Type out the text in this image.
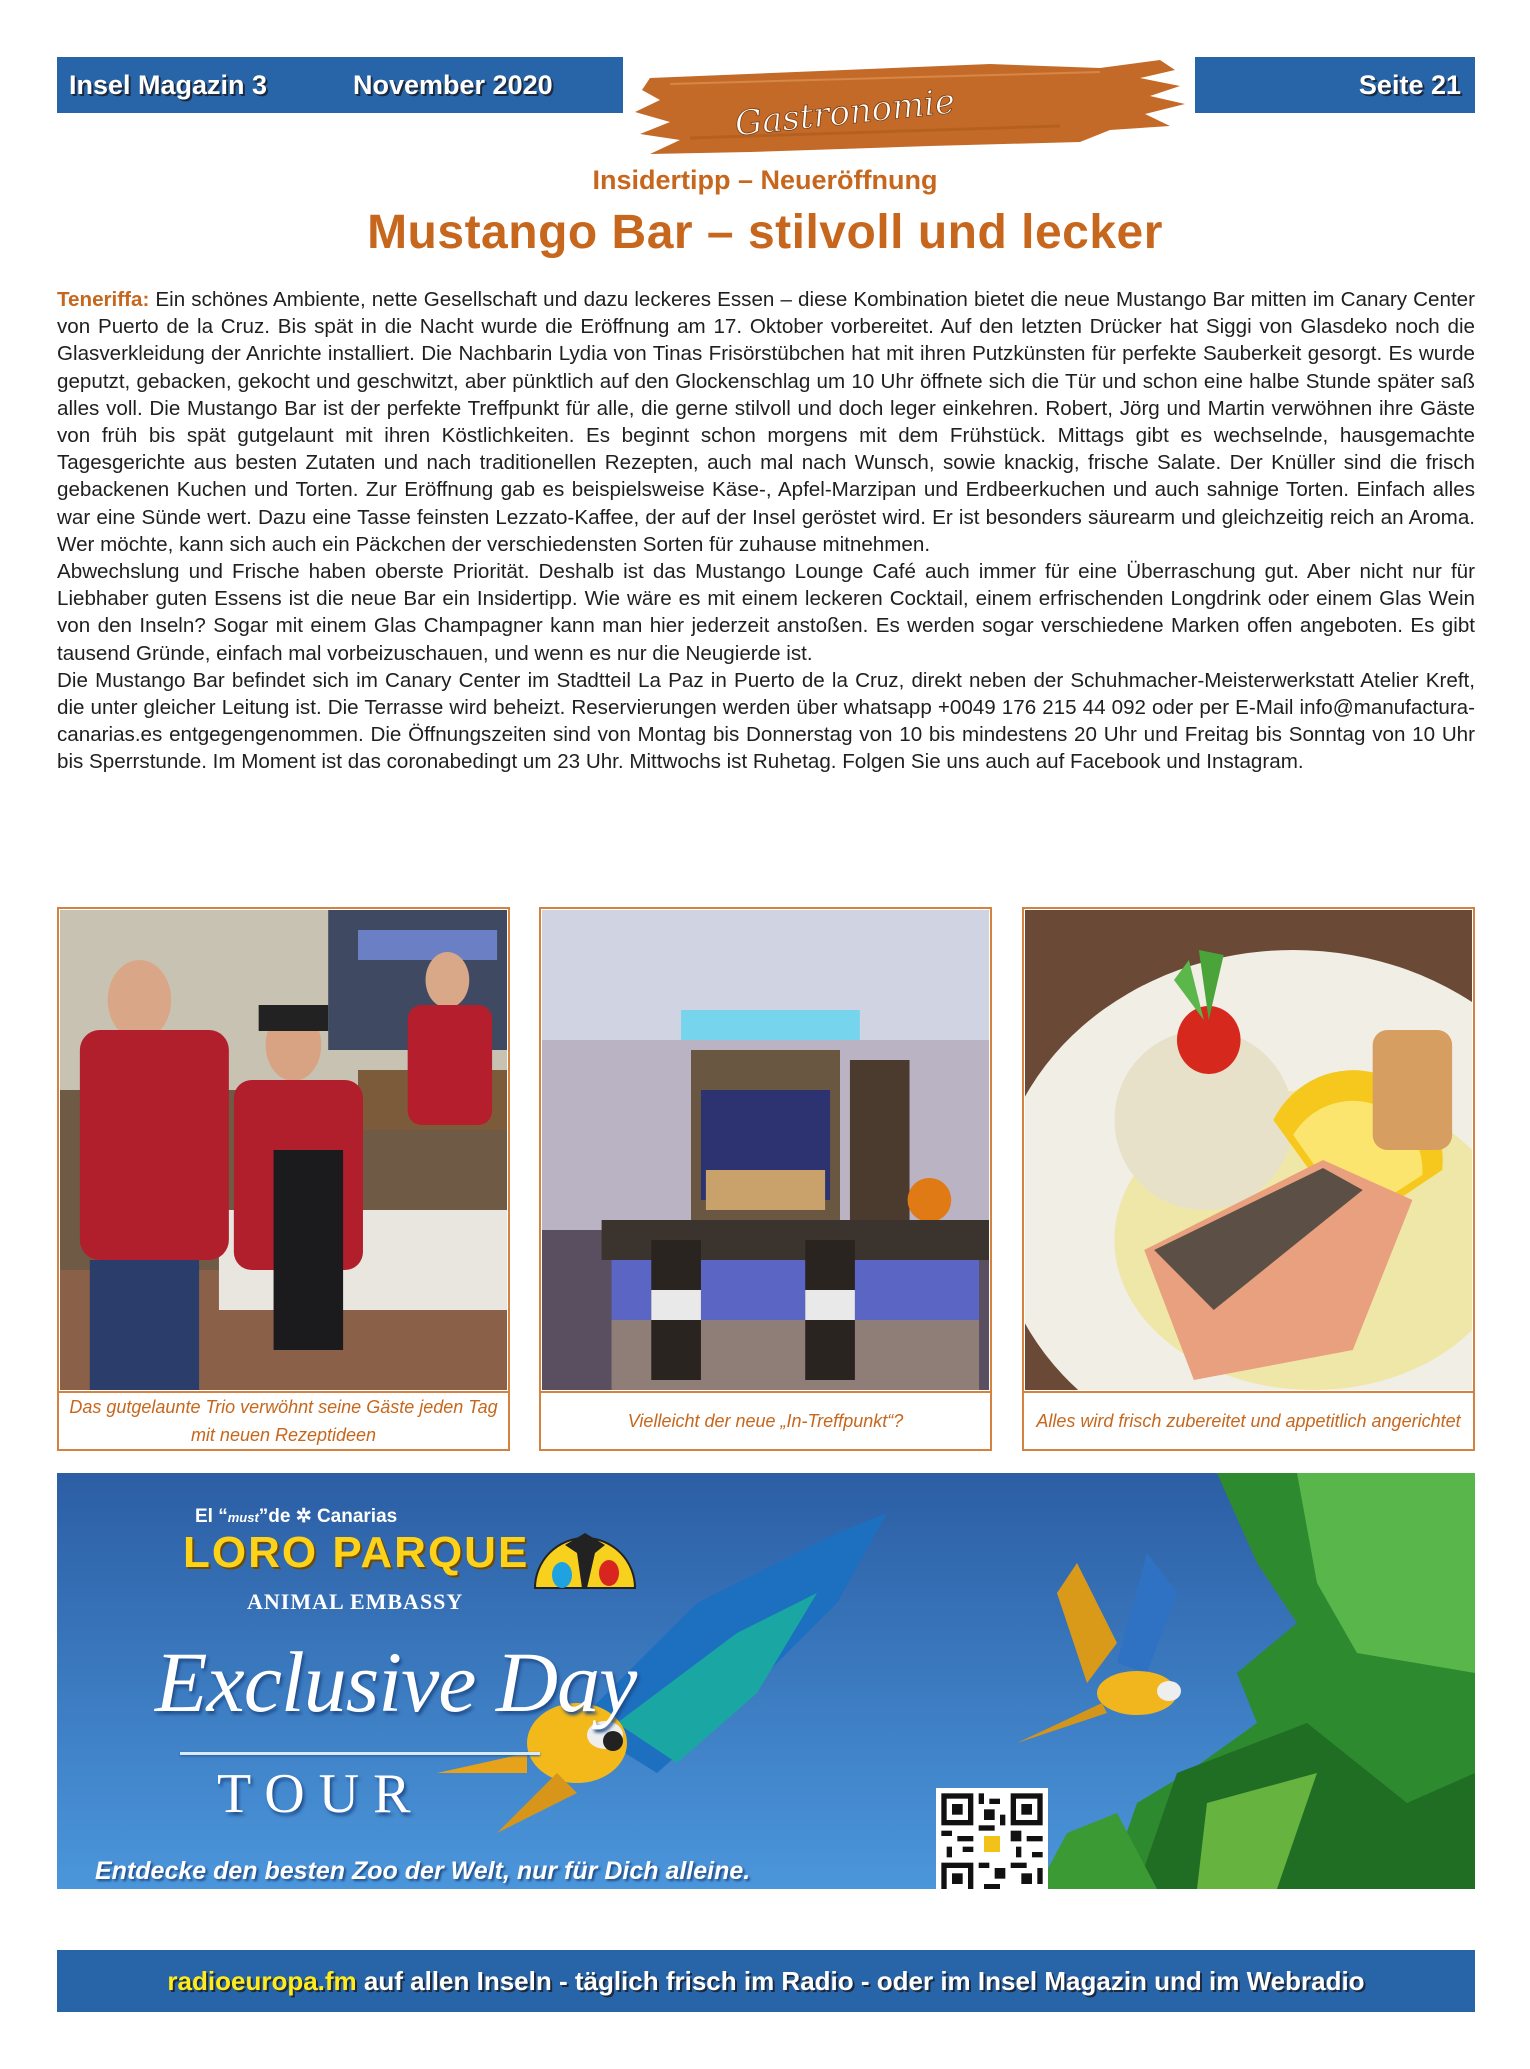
Insel Magazin 3	November 2020	Gastronomie	Seite 21
Insidertipp – Neueröffnung
Mustango Bar – stilvoll und lecker

Teneriffa: Ein schönes Ambiente, nette Gesellschaft und dazu leckeres Essen – diese Kombination bietet die neue Mustango Bar mitten im Canary Center von Puerto de la Cruz. Bis spät in die Nacht wurde die Eröffnung am 17. Oktober vorbereitet. Auf den letzten Drücker hat Siggi von Glasdeko noch die Glasverkleidung der Anrichte installiert. Die Nachbarin Lydia von Tinas Frisörstübchen hat mit ihren Putzkünsten für perfekte Sauberkeit gesorgt. Es wurde geputzt, gebacken, gekocht und geschwitzt, aber pünktlich auf den Glockenschlag um 10 Uhr öffnete sich die Tür und schon eine halbe Stunde später saß alles voll. Die Mustango Bar ist der perfekte Treffpunkt für alle, die gerne stilvoll und doch leger einkehren. Robert, Jörg und Martin verwöhnen ihre Gäste von früh bis spät gutgelaunt mit ihren Köstlichkeiten. Es beginnt schon morgens mit dem Frühstück. Mittags gibt es wechselnde, hausgemachte Tagesgerichte aus besten Zutaten und nach traditionellen Rezepten, auch mal nach Wunsch, sowie knackig, frische Salate. Der Knüller sind die frisch gebackenen Kuchen und Torten. Zur Eröffnung gab es beispielsweise Käse-, Apfel-Marzipan und Erdbeerkuchen und auch sahnige Torten. Einfach alles war eine Sünde wert. Dazu eine Tasse feinsten Lezzato-Kaffee, der auf der Insel geröstet wird. Er ist besonders säurearm und gleichzeitig reich an Aroma. Wer möchte, kann sich auch ein Päckchen der verschiedensten Sorten für zuhause mitnehmen.

Abwechslung und Frische haben oberste Priorität. Deshalb ist das Mustango Lounge Café auch immer für eine Überraschung gut. Aber nicht nur für Liebhaber guten Essens ist die neue Bar ein Insidertipp. Wie wäre es mit einem leckeren Cocktail, einem erfrischenden Longdrink oder einem Glas Wein von den Inseln? Sogar mit einem Glas Champagner kann man hier jederzeit anstoßen. Es werden sogar verschiedene Marken offen angeboten. Es gibt tausend Gründe, einfach mal vorbeizuschauen, und wenn es nur die Neugierde ist.

Die Mustango Bar befindet sich im Canary Center im Stadtteil La Paz in Puerto de la Cruz, direkt neben der Schuhmacher-Meisterwerkstatt Atelier Kreft, die unter gleicher Leitung ist. Die Terrasse wird beheizt. Reservierungen werden über whatsapp +0049 176 215 44 092 oder per E-Mail info@manufactura-canarias.es entgegengenommen. Die Öffnungszeiten sind von Montag bis Donnerstag von 10 bis mindestens 20 Uhr und Freitag bis Sonntag von 10 Uhr bis Sperrstunde. Im Moment ist das coronabedingt um 23 Uhr. Mittwochs ist Ruhetag. Folgen Sie uns auch auf Facebook und Instagram.

Das gutgelaunte Trio verwöhnt seine Gäste jeden Tag mit neuen Rezeptideen
Vielleicht der neue „In-Treffpunkt“?	Alles wird frisch zubereitet und appetitlich angerichtet
El “must”de ✲ Canarias
LORO PARQUE
ANIMAL EMBASSY
Exclusive Day
TOUR
Entdecke den besten Zoo der Welt, nur für Dich alleine.
radioeuropa.fm auf allen Inseln - täglich frisch im Radio - oder im Insel Magazin und im Webradio
